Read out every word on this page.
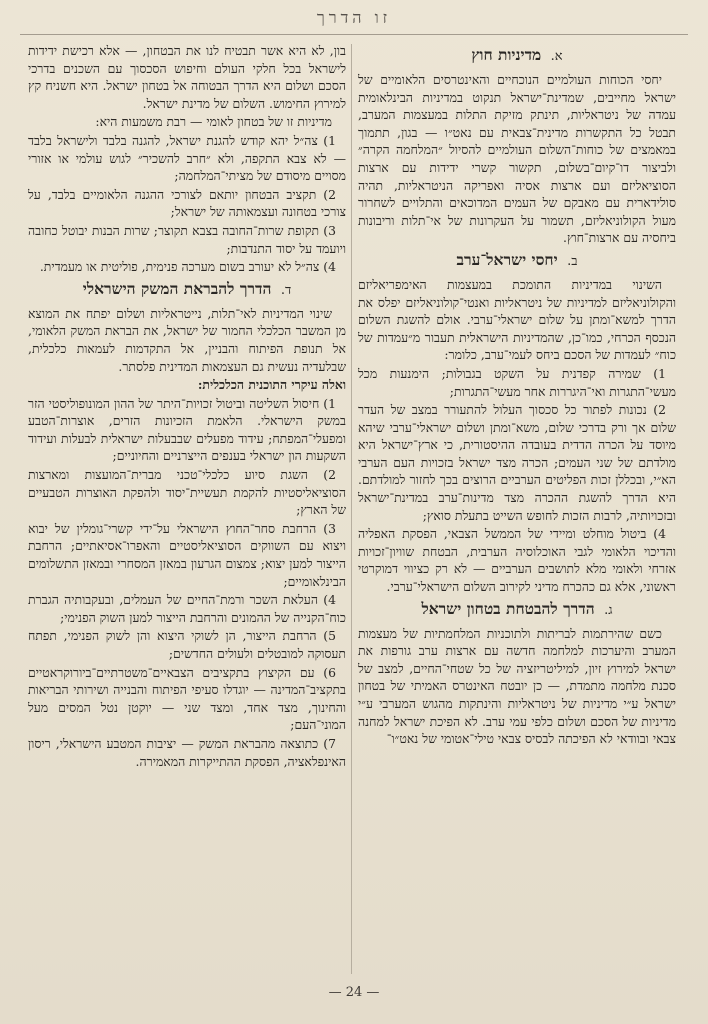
זו הדרך
א. מדיניות חוץ

יחסי הכוחות העולמיים הנוכחיים והאינטרסים הלאומיים של ישראל מחייבים, שמדינת־ישראל תנקוט במדיניות הבינלאומית עמדה של ניטראליות, תינתק מזיקת התלות במעצמות המערב, תבטל כל התקשרות מדינית־צבאית עם נאט״ו — בגון, תתמוך במאמצים של כוחות־השלום העולמיים להסיול ״המלחמה הקרה״ ולביצור דו־קיום־בשלום, תקשור קשרי ידידות עם ארצות הסוציאליזם ועם ארצות אסיה ואפריקה הניטראליות, תהיה סולידארית עם מאבקם של העמים המדוכאים והתלויים לשחרור מעול הקולוניאליזם, תשמור על העקרונות של אי־תלות וריבונות ביחסיה עם ארצות־חוץ.

ב. יחסי ישראל־ערב

השינוי במדיניות התומכת במעצמות האימפריאליזם והקולוניאליזם למדיניות של ניטראליות ואנטי־קולוניאליזם יפלס את הדרך למשא־ומתן על שלום ישראלי־ערבי. אולם להשגת השלום הנכסף הכרחי, כמו־כן, שהמדיניות הישראלית תעבור מ״עמדות של כוח״ לעמדות של הסכם ביחס לעמי־ערב, כלומר:

1) שמירה קפדנית על השקט בגבולות; הימנעות מכל מעשי־התגרות ואי־היגררות אחר מעשי־התגרות;

2) נכונות לפתור כל סכסוך העלול להתעורר במצב של העדר שלום אך ורק בדרכי שלום, משא־ומתן ושלום ישראלי־ערבי שיהא מיוסד על הכרה הדדית בעובדה ההיסטורית, כי ארץ־ישראל היא מולדתם של שני העמים; הכרה מצד ישראל בזכויות העם הערבי הא״י, ובכללן זכות הפליטים הערביים הרוצים בכך לחזור למולדתם. היא הדרך להשגת ההכרה מצד מדינות־ערב במדינת־ישראל ובזכויותיה, לרבות הזכות לחופש השייט בתעלת סואץ;

4) ביטול מוחלט ומיידי של הממשל הצבאי, הפסקת האפליה והדיכוי הלאומי לגבי האוכלוסיה הערבית, הבטחת שוויון־זכויות אזרחי ולאומי מלא לתושבים הערביים — לא רק כציווי דמוקרטי ראשוני, אלא גם כהכרח מדיני לקירוב השלום הישראלי־ערבי.

ג. הדרך להבטחת בטחון ישראל

כשם שהירתמות לבריתות ולתוכניות המלחמתיות של מעצמות המערב והיערכות למלחמה חדשה עם ארצות ערב גורפות את ישראל למירוץ זיון, למיליטריזציה של כל שטחי־החיים, למצב של סכנת מלחמה מתמדת, — כן יובטח האינטרס האמיתי של בטחון ישראל ע״י מדיניות של ניטראליות והינתקות מהגוש המערבי ע״י מדיניות של הסכם ושלום כלפי עמי ערב. לא הפיכת ישראל למחנה צבאי ובוודאי לא הפיכתה לבסיס צבאי טילי־אטומי של נאט״ו־

בון, לא היא אשר תבטיח לנו את הבטחון, — אלא רכישת ידידות לישראל בכל חלקי העולם וחיפוש הסכסוך עם השכנים בדרכי הסכם ושלום היא הדרך הבטוחה אל בטחון ישראל. היא חשניח קץ למירוץ החימוש. השלום של מדינת ישראל.

מדיניות זו של בטחון לאומי — רבת משמעות היא:

1) צה״ל יהא קודש להגנת ישראל, להגנה בלבד ולישראל בלבד — לא צבא התקפה, ולא ״חרב להשכיר״ לגוש עולמי או אזורי מסויים מיסודם של מציתי־המלחמה;

2) תקציב הבטחון יותאם לצורכי ההגנה הלאומיים בלבד, על צורכי בטחונה ועצמאותה של ישראל;

3) תקופת שרות־החובה בצבא תקוצר; שרות הבנות יבוטל כחובה ויועמד על יסוד התנדבות;

4) צה״ל לא יעורב בשום מערכה פנימית, פוליטית או מעמדית.

ד. הדרך להבראת המשק הישראלי

שינוי המדיניות לאי־תלות, נייטראליות ושלום יפתח את המוצא מן המשבר הכלכלי החמור של ישראל, את הבראת המשק הלאומי, אל תנופת הפיתוח והבניין, אל התקדמות לעמאות כלכלית, שבלעדיה נעשית גם העצמאות המדינית פלסתר.

ואלה עיקרי התוכנית הכלכלית:

1) חיסול השליטה וביטול זכויות־היתר של ההון המונופוליסטי הזר במשק הישראלי. הלאמת הזכיונות הזרים, אוצרות־הטבע ומפעלי־המפתח; עידוד מפעלים שבבעלות ישראלית לבעלות ועידוד השקעות הון ישראלי בענפים הייצרניים והחיוניים;

2) השגת סיוע כלכלי־טכני מברית־המועצות ומארצות הסוציאליסטיות להקמת תעשיית־יסוד ולהפקת האוצרות הטבעיים של הארץ;

3) הרחבת סחר־החוץ הישראלי על־ידי קשרי־גומלין של יבוא ויצוא עם השווקים הסוציאליסטיים והאפרו־אסיאתיים; הרחבת הייצור למען יצוא; צמצום הגרעון במאזן המסחרי ובמאזן התשלומים הבינלאומיים;

4) העלאת השכר ורמת־החיים של העמלים, ובעקבותיה הגברת כוח־הקנייה של ההמונים והרחבת הייצור למען השוק הפנימי;

5) הרחבת הייצור, הן לשוקי היצוא והן לשוק הפנימי, תפתח תעסוקה למובטלים ולעולים החדשים;

6) עם הקיצוץ בתקציבים הצבאיים־משטרתיים־ביורוקראטיים בתקציב־המדינה — יוגדלו סעיפי הפיתוח והבנייה ושירותי הבריאות והחינוך, מצד אחד, ומצד שני — יוקטן נטל המסים מעל המוני־העם;

7) כתוצאה מהבראת המשק — יציבות המטבע הישראלי, ריסון האינפלאציה, הפסקת ההתייקרות המאמירה.

— 24 —
